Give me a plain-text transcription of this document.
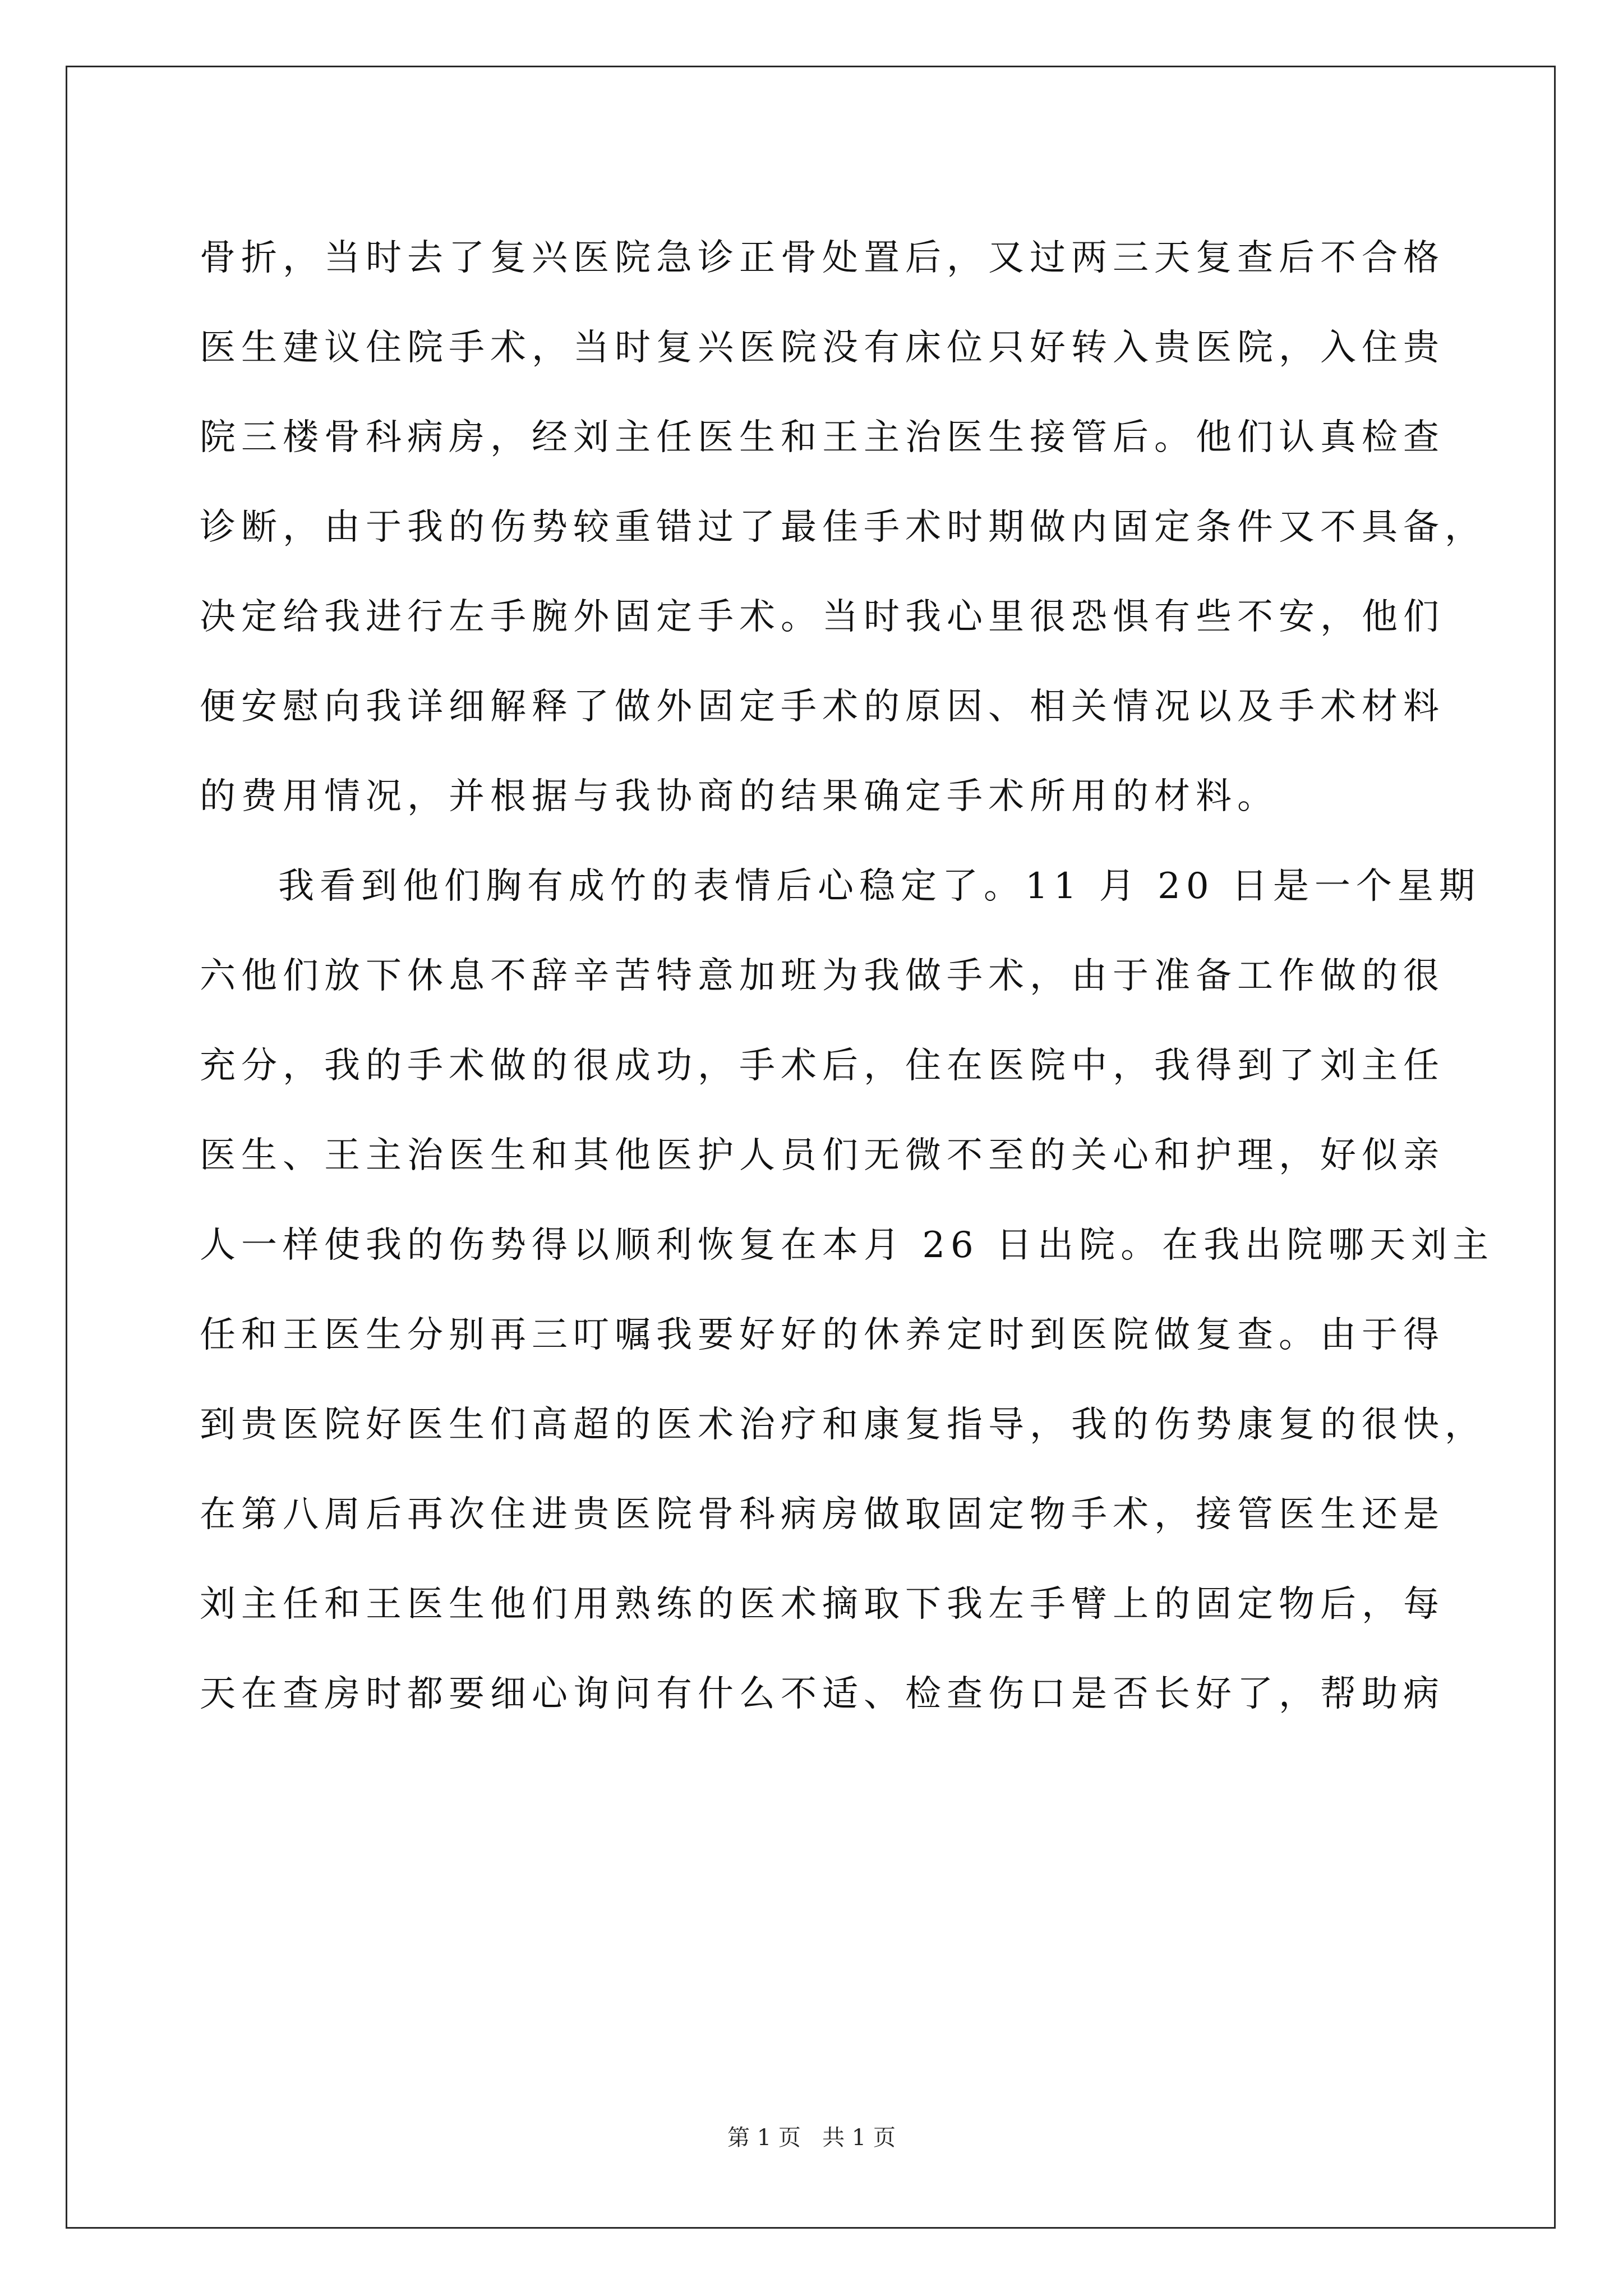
骨折，当时去了复兴医院急诊正骨处置后，又过两三天复查后不合格
医生建议住院手术，当时复兴医院没有床位只好转入贵医院，入住贵
院三楼骨科病房，经刘主任医生和王主治医生接管后。他们认真检查
诊断，由于我的伤势较重错过了最佳手术时期做内固定条件又不具备，
决定给我进行左手腕外固定手术。当时我心里很恐惧有些不安，他们
便安慰向我详细解释了做外固定手术的原因、相关情况以及手术材料
的费用情况，并根据与我协商的结果确定手术所用的材料。
我看到他们胸有成竹的表情后心稳定了。11 月 20 日是一个星期
六他们放下休息不辞辛苦特意加班为我做手术，由于准备工作做的很
充分，我的手术做的很成功，手术后，住在医院中，我得到了刘主任
医生、王主治医生和其他医护人员们无微不至的关心和护理，好似亲
人一样使我的伤势得以顺利恢复在本月 26 日出院。在我出院哪天刘主
任和王医生分别再三叮嘱我要好好的休养定时到医院做复查。由于得
到贵医院好医生们高超的医术治疗和康复指导，我的伤势康复的很快，
在第八周后再次住进贵医院骨科病房做取固定物手术，接管医生还是
刘主任和王医生他们用熟练的医术摘取下我左手臂上的固定物后，每
天在查房时都要细心询问有什么不适、检查伤口是否长好了，帮助病
第 1 页   共 1 页
